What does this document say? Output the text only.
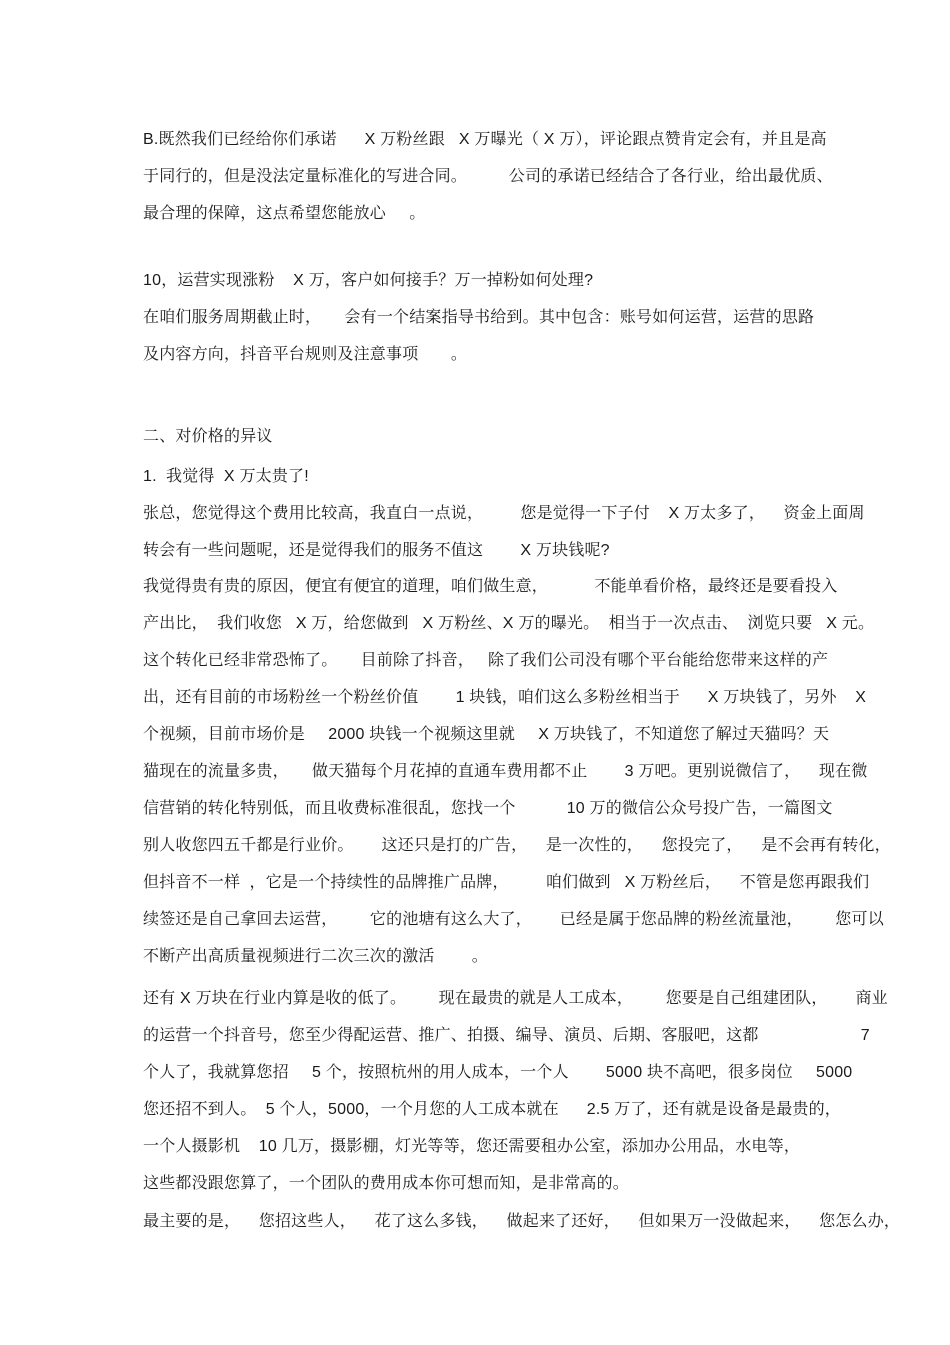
B.既然我们已经给你们承诺      X 万粉丝跟   X 万曝光（ X 万），评论跟点赞肯定会有，并且是高
于同行的，但是没法定量标准化的写进合同。         公司的承诺已经结合了各行业，给出最优质、
最合理的保障，这点希望您能放心     。
10，运营实现涨粉    X 万，客户如何接手？万一掉粉如何处理?
在咱们服务周期截止时，     会有一个结案指导书给到。其中包含：账号如何运营，运营的思路
及内容方向，抖音平台规则及注意事项       。
二、对价格的异议
1.  我觉得  X 万太贵了!
张总，您觉得这个费用比较高，我直白一点说，        您是觉得一下子付    X 万太多了，    资金上面周
转会有一些问题呢，还是觉得我们的服务不值这        X 万块钱呢?
我觉得贵有贵的原因，便宜有便宜的道理，咱们做生意，          不能单看价格，最终还是要看投入
产出比，  我们收您   X 万，给您做到   X 万粉丝、X 万的曝光。  相当于一次点击、  浏览只要   X 元。
这个转化已经非常恐怖了。     目前除了抖音，   除了我们公司没有哪个平台能给您带来这样的产
出，还有目前的市场粉丝一个粉丝价值        1 块钱，咱们这么多粉丝相当于      X 万块钱了，另外    X
个视频，目前市场价是     2000 块钱一个视频这里就     X 万块钱了，不知道您了解过天猫吗？天
猫现在的流量多贵，     做天猫每个月花掉的直通车费用都不止        3 万吧。更别说微信了，    现在微
信营销的转化特别低，而且收费标准很乱，您找一个           10 万的微信公众号投广告，一篇图文
别人收您四五千都是行业价。      这还只是打的广告，    是一次性的，    您投完了，    是不会再有转化，
但抖音不一样  ，它是一个持续性的品牌推广品牌，        咱们做到   X 万粉丝后，    不管是您再跟我们
续签还是自己拿回去运营，       它的池塘有这么大了，      已经是属于您品牌的粉丝流量池，       您可以
不断产出高质量视频进行二次三次的激活        。
还有 X 万块在行业内算是收的低了。       现在最贵的就是人工成本，       您要是自己组建团队，      商业
的运营一个抖音号，您至少得配运营、推广、拍摄、编导、演员、后期、客服吧，这都                      7
个人了，我就算您招     5 个，按照杭州的用人成本，一个人        5000 块不高吧，很多岗位     5000
您还招不到人。  5 个人，5000，一个月您的人工成本就在      2.5 万了，还有就是设备是最贵的，
一个人摄影机    10 几万，摄影棚，灯光等等，您还需要租办公室，添加办公用品，水电等，
这些都没跟您算了，一个团队的费用成本你可想而知，是非常高的。
最主要的是，    您招这些人，    花了这么多钱，    做起来了还好，    但如果万一没做起来，    您怎么办，
